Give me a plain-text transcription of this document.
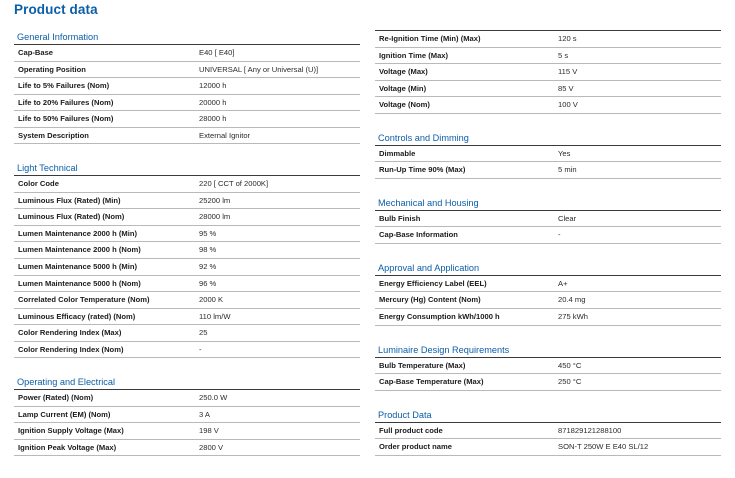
Product data
General Information
Cap-Base	E40 [ E40]
Operating Position	UNIVERSAL [ Any or Universal (U)]
Life to 5% Failures (Nom)	12000 h
Life to 20% Failures (Nom)	20000 h
Life to 50% Failures (Nom)	28000 h
System Description	External Ignitor
Light Technical
Color Code	220 [ CCT of 2000K]
Luminous Flux (Rated) (Min)	25200 lm
Luminous Flux (Rated) (Nom)	28000 lm
Lumen Maintenance 2000 h (Min)	95 %
Lumen Maintenance 2000 h (Nom)	98 %
Lumen Maintenance 5000 h (Min)	92 %
Lumen Maintenance 5000 h (Nom)	96 %
Correlated Color Temperature (Nom)	2000 K
Luminous Efficacy (rated) (Nom)	110 lm/W
Color Rendering Index (Max)	25
Color Rendering Index (Nom)	-
Operating and Electrical
Power (Rated) (Nom)	250.0 W
Lamp Current (EM) (Nom)	3 A
Ignition Supply Voltage (Max)	198 V
Ignition Peak Voltage (Max)	2800 V
Re-Ignition Time (Min) (Max)	120 s
Ignition Time (Max)	5 s
Voltage (Max)	115 V
Voltage (Min)	85 V
Voltage (Nom)	100 V
Controls and Dimming
Dimmable	Yes
Run-Up Time 90% (Max)	5 min
Mechanical and Housing
Bulb Finish	Clear
Cap-Base Information	-
Approval and Application
Energy Efficiency Label (EEL)	A+
Mercury (Hg) Content (Nom)	20.4 mg
Energy Consumption kWh/1000 h	275 kWh
Luminaire Design Requirements
Bulb Temperature (Max)	450 °C
Cap-Base Temperature (Max)	250 °C
Product Data
Full product code	871829121288100
Order product name	SON-T 250W E E40 SL/12
